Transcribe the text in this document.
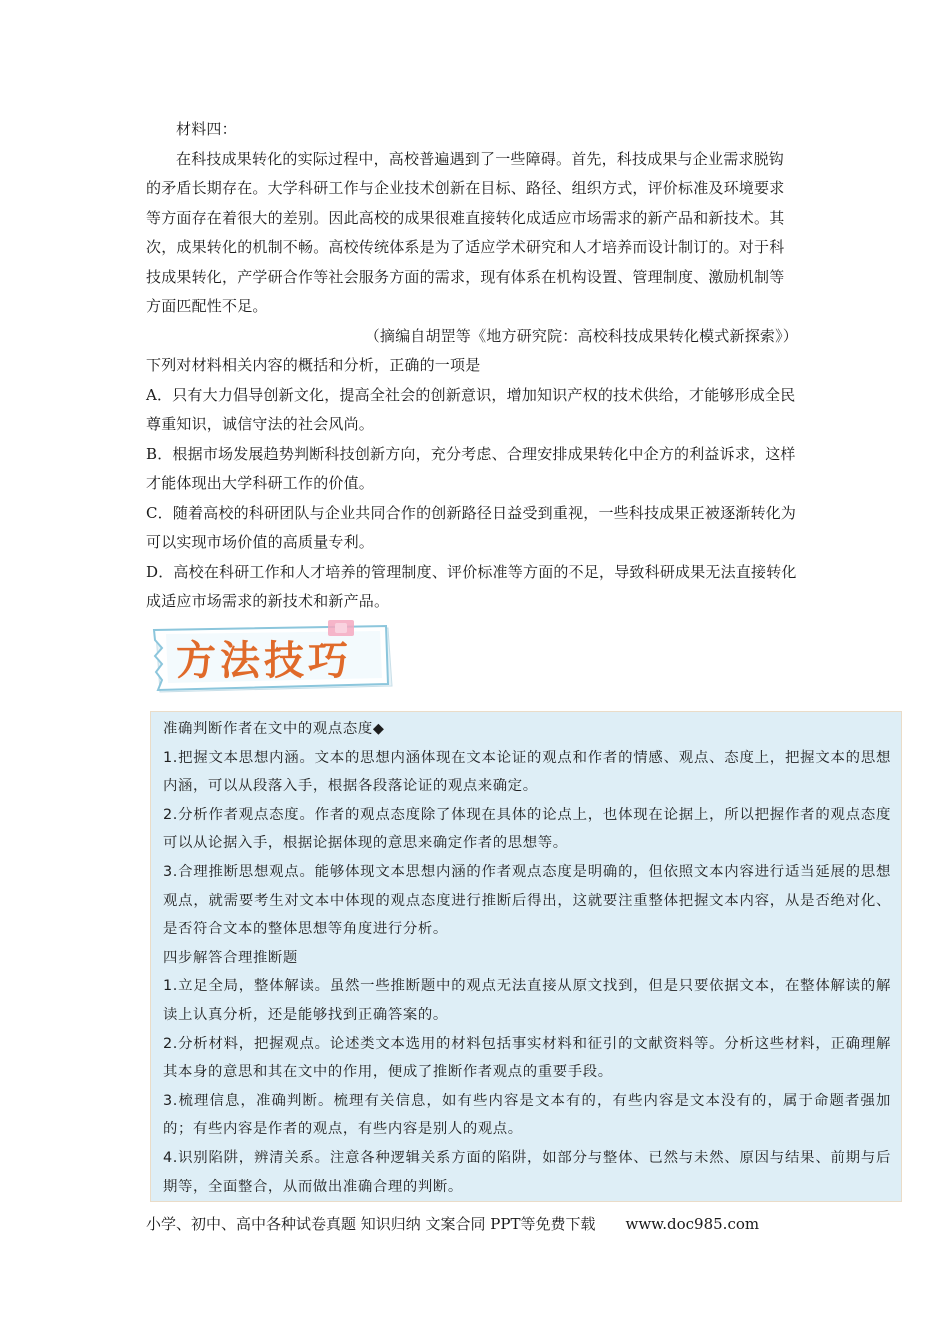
材料四：

在科技成果转化的实际过程中，高校普遍遇到了一些障碍。首先，科技成果与企业需求脱钩的矛盾长期存在。大学科研工作与企业技术创新在目标、路径、组织方式，评价标准及环境要求等方面存在着很大的差别。因此高校的成果很难直接转化成适应市场需求的新产品和新技术。其次，成果转化的机制不畅。高校传统体系是为了适应学术研究和人才培养而设计制订的。对于科技成果转化，产学研合作等社会服务方面的需求，现有体系在机构设置、管理制度、激励机制等方面匹配性不足。

（摘编自胡罡等《地方研究院：高校科技成果转化模式新探索》）

下列对材料相关内容的概括和分析，正确的一项是

A．只有大力倡导创新文化，提高全社会的创新意识，增加知识产权的技术供给，才能够形成全民尊重知识，诚信守法的社会风尚。

B．根据市场发展趋势判断科技创新方向，充分考虑、合理安排成果转化中企方的利益诉求，这样才能体现出大学科研工作的价值。

C．随着高校的科研团队与企业共同合作的创新路径日益受到重视，一些科技成果正被逐渐转化为可以实现市场价值的高质量专利。

D．高校在科研工作和人才培养的管理制度、评价标准等方面的不足，导致科研成果无法直接转化成适应市场需求的新技术和新产品。

方法技巧

准确判断作者在文中的观点态度◆

1.把握文本思想内涵。文本的思想内涵体现在文本论证的观点和作者的情感、观点、态度上，把握文本的思想内涵，可以从段落入手，根据各段落论证的观点来确定。

2.分析作者观点态度。作者的观点态度除了体现在具体的论点上，也体现在论据上，所以把握作者的观点态度可以从论据入手，根据论据体现的意思来确定作者的思想等。

3.合理推断思想观点。能够体现文本思想内涵的作者观点态度是明确的，但依照文本内容进行适当延展的思想观点，就需要考生对文本中体现的观点态度进行推断后得出，这就要注重整体把握文本内容，从是否绝对化、是否符合文本的整体思想等角度进行分析。

四步解答合理推断题

1.立足全局，整体解读。虽然一些推断题中的观点无法直接从原文找到，但是只要依据文本，在整体解读的解读上认真分析，还是能够找到正确答案的。

2.分析材料，把握观点。论述类文本选用的材料包括事实材料和征引的文献资料等。分析这些材料，正确理解其本身的意思和其在文中的作用，便成了推断作者观点的重要手段。

3.梳理信息，准确判断。梳理有关信息，如有些内容是文本有的，有些内容是文本没有的，属于命题者强加的；有些内容是作者的观点，有些内容是别人的观点。

4.识别陷阱，辨清关系。注意各种逻辑关系方面的陷阱，如部分与整体、已然与未然、原因与结果、前期与后期等，全面整合，从而做出准确合理的判断。

小学、初中、高中各种试卷真题 知识归纳 文案合同 PPT等免费下载 www.doc985.com
